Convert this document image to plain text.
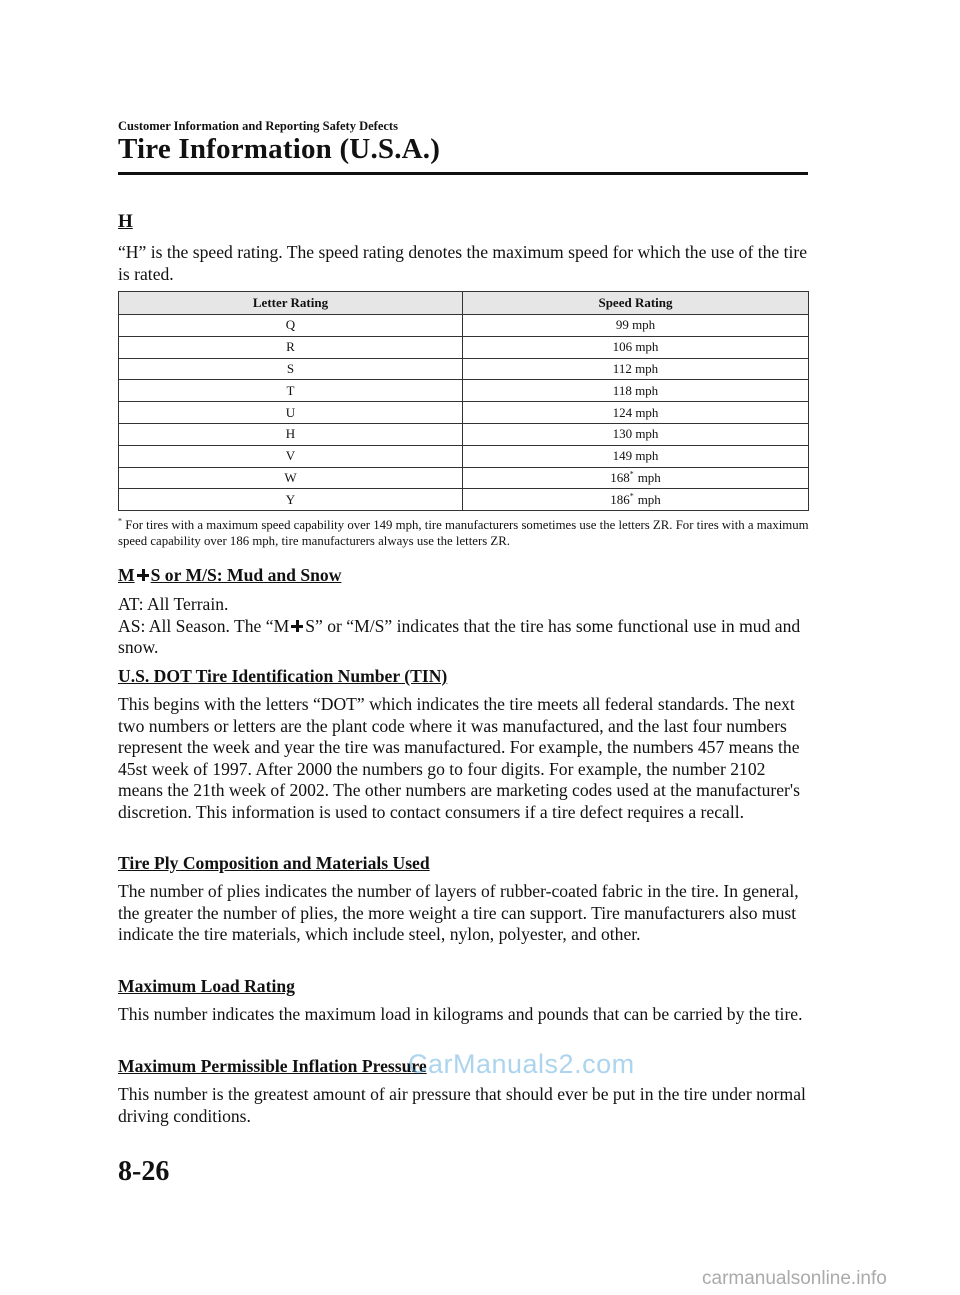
Customer Information and Reporting Safety Defects
Tire Information (U.S.A.)
H
“H” is the speed rating. The speed rating denotes the maximum speed for which the use of the tire is rated.
Letter Rating	Speed Rating
Q	99 mph
R	106 mph
S	112 mph
T	118 mph
U	124 mph
H	130 mph
V	149 mph
W	168* mph
Y	186* mph
* For tires with a maximum speed capability over 149 mph, tire manufacturers sometimes use the letters ZR. For tires with a maximum speed capability over 186 mph, tire manufacturers always use the letters ZR.
M S or M/S: Mud and Snow
AT: All Terrain.
AS: All Season. The “M S” or “M/S” indicates that the tire has some functional use in mud and snow.
U.S. DOT Tire Identification Number (TIN)
This begins with the letters “DOT” which indicates the tire meets all federal standards. The next two numbers or letters are the plant code where it was manufactured, and the last four numbers represent the week and year the tire was manufactured. For example, the numbers 457 means the 45st week of 1997. After 2000 the numbers go to four digits. For example, the number 2102 means the 21th week of 2002. The other numbers are marketing codes used at the manufacturer's discretion. This information is used to contact consumers if a tire defect requires a recall.
Tire Ply Composition and Materials Used
The number of plies indicates the number of layers of rubber-coated fabric in the tire. In general, the greater the number of plies, the more weight a tire can support. Tire manufacturers also must indicate the tire materials, which include steel, nylon, polyester, and other.
Maximum Load Rating
This number indicates the maximum load in kilograms and pounds that can be carried by the tire.
Maximum Permissible Inflation Pressure
This number is the greatest amount of air pressure that should ever be put in the tire under normal driving conditions.
CarManuals2.com
8-26
carmanualsonline.info
